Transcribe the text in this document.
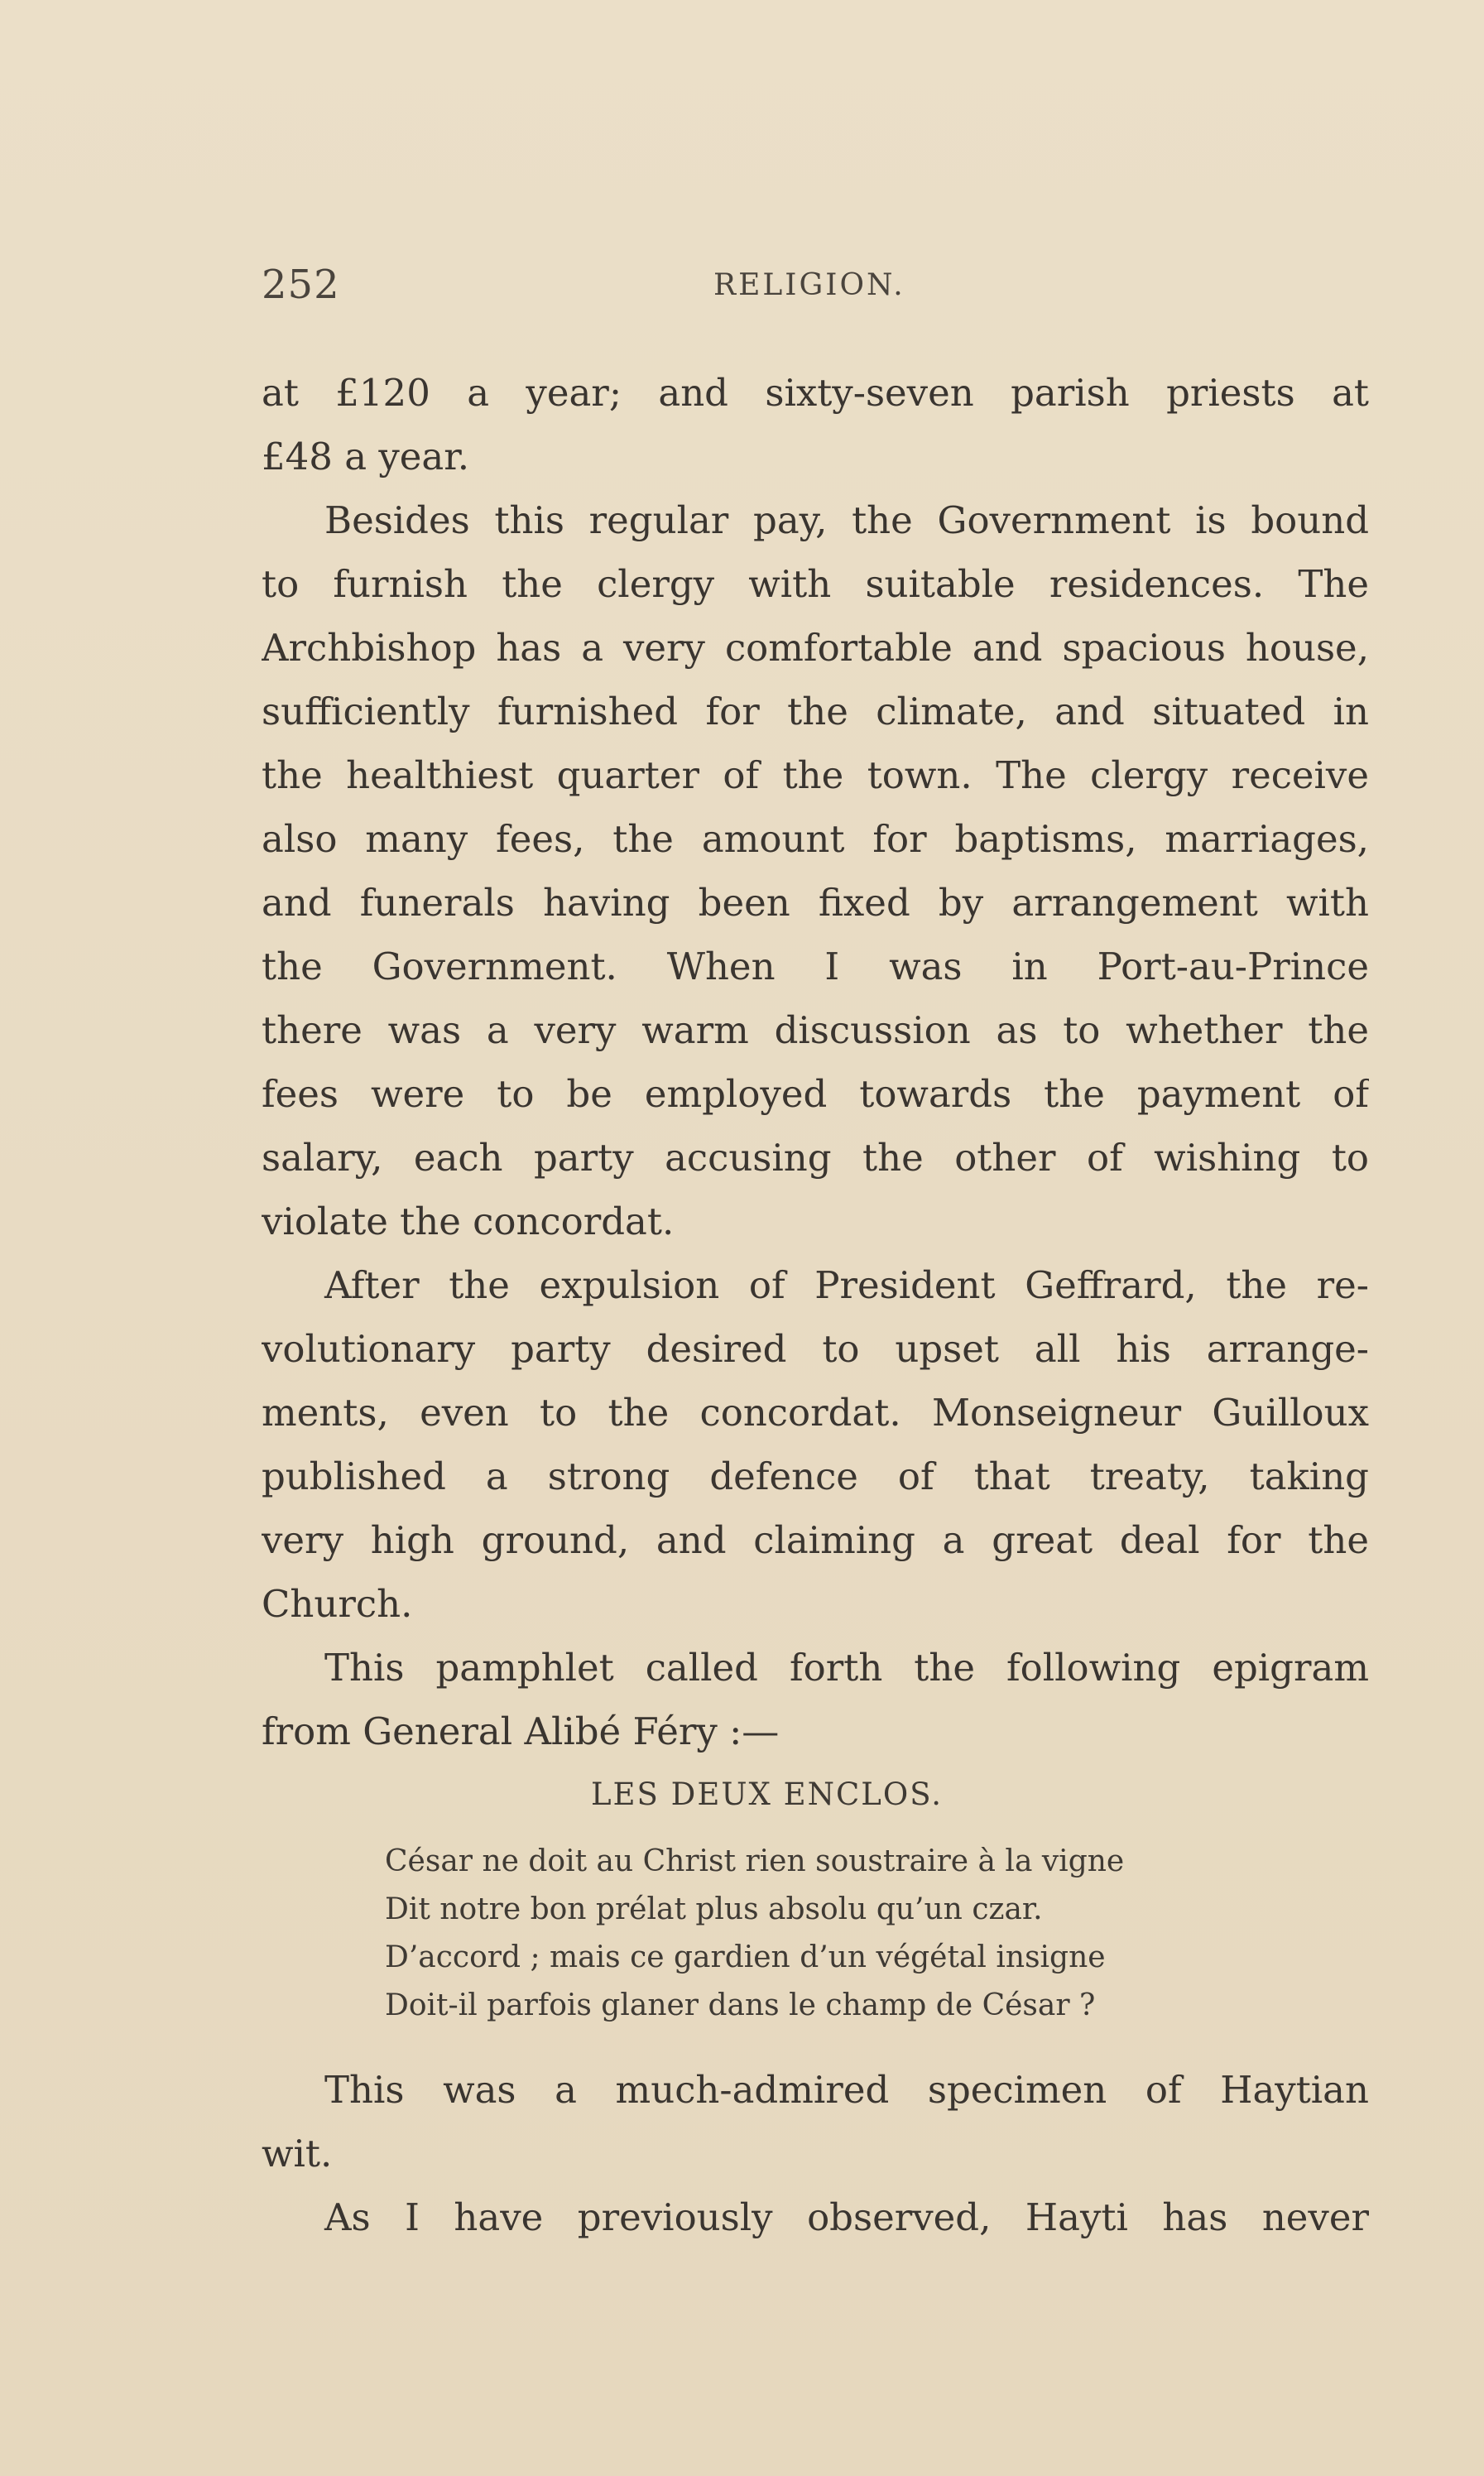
252	RELIGION.
at £120 a year; and sixty-seven parish priests at
£48 a year.
Besides this regular pay, the Government is bound
to furnish the clergy with suitable residences. The
Archbishop has a very comfortable and spacious house,
sufficiently furnished for the climate, and situated in
the healthiest quarter of the town. The clergy receive
also many fees, the amount for baptisms, marriages,
and funerals having been fixed by arrangement with
the Government. When I was in Port-au-Prince
there was a very warm discussion as to whether the
fees were to be employed towards the payment of
salary, each party accusing the other of wishing to
violate the concordat.
After the expulsion of President Geffrard, the re-
volutionary party desired to upset all his arrange-
ments, even to the concordat. Monseigneur Guilloux
published a strong defence of that treaty, taking
very high ground, and claiming a great deal for the
Church.
This pamphlet called forth the following epigram
from General Alibé Féry :—
LES DEUX ENCLOS.
César ne doit au Christ rien soustraire à la vigne
Dit notre bon prélat plus absolu qu’un czar.
D’accord ; mais ce gardien d’un végétal insigne
Doit-il parfois glaner dans le champ de César ?
This was a much-admired specimen of Haytian
wit.
As I have previously observed, Hayti has never
